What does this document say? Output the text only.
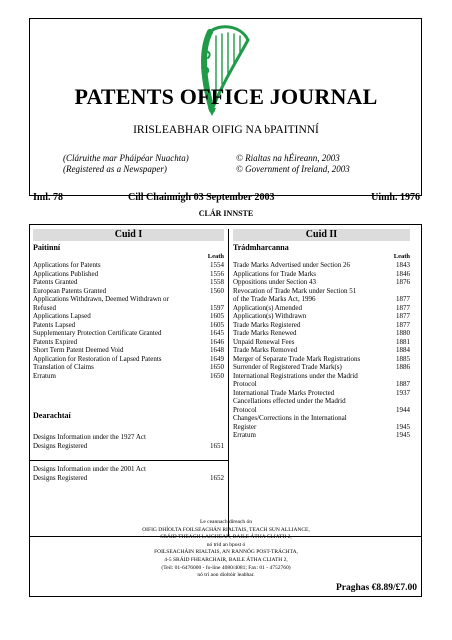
PATENTS OFFICE JOURNAL
IRISLEABHAR OIFIG NA bPAITINNÍ
(Cláruithe mar Pháipéar Nuachta)
(Registered as a Newspaper)
© Rialtas na hÉireann, 2003
© Government of Ireland, 2003
Iml. 78	Cill Chainnigh 03 September 2003	Uimh. 1976
CLÁR INNSTE
Cuid I
Paitinní
Leath
Applications for Patents	1554
Applications Published	1556
Patents Granted	1558
European Patents Granted	1560
Applications Withdrawn, Deemed Withdrawn or
Refused	1597
Applications Lapsed	1605
Patents Lapsed	1605
Supplementary Protection Certificate Granted	1645
Patents Expired	1646
Short Term Patent Deemed Void	1648
Application for Restoration of Lapsed Patents	1649
Translation of Claims	1650
Erratum	1650
Dearachtaí
Designs Information under the 1927 Act
Designs Registered	1651
Designs Information under the 2001 Act
Designs Registered	1652
Cuid II
Trádmharcanna
Leath
Trade Marks Advertised under Section 26	1843
Applications for Trade Marks	1846
Oppositions under Section 43	1876
Revocation of Trade Mark under Section 51
of the Trade Marks Act, 1996	1877
Application(s) Amended	1877
Application(s) Withdrawn	1877
Trade Marks Registered	1877
Trade Marks Renewed	1880
Unpaid Renewal Fees	1881
Trade Marks Removed	1884
Merger of Separate Trade Mark Registrations	1885
Surrender of Registered Trade Mark(s)	1886
International Registrations under the Madrid
Protocol	1887
International Trade Marks Protected	1937
Cancellations effected under the Madrid
Protocol	1944
Changes/Corrections in the International
Register	1945
Erratum	1945
Le ceannach díreach ón
OIFIG DHÍOLTA FOILSEACHÁN RIALTAIS, TEACH SUN ALLIANCE,
SRÁID THEACH LAIGHEAN, BAILE ÁTHA CLIATH 2,
nó tríd an bpost ó
FOILSEACHÁIN RIALTAIS, AN RANNÓG POST-TRÁCHTA,
4-5 SRÁID FHEARCHAIR, BAILE ÁTHA CLIATH 2,
(Teil: 01-6476000 - fo-líne 4080/4081; Fax: 01 - 4752760)
nó trí aon díoltóir leabhar.
Praghas €8.89/£7.00
